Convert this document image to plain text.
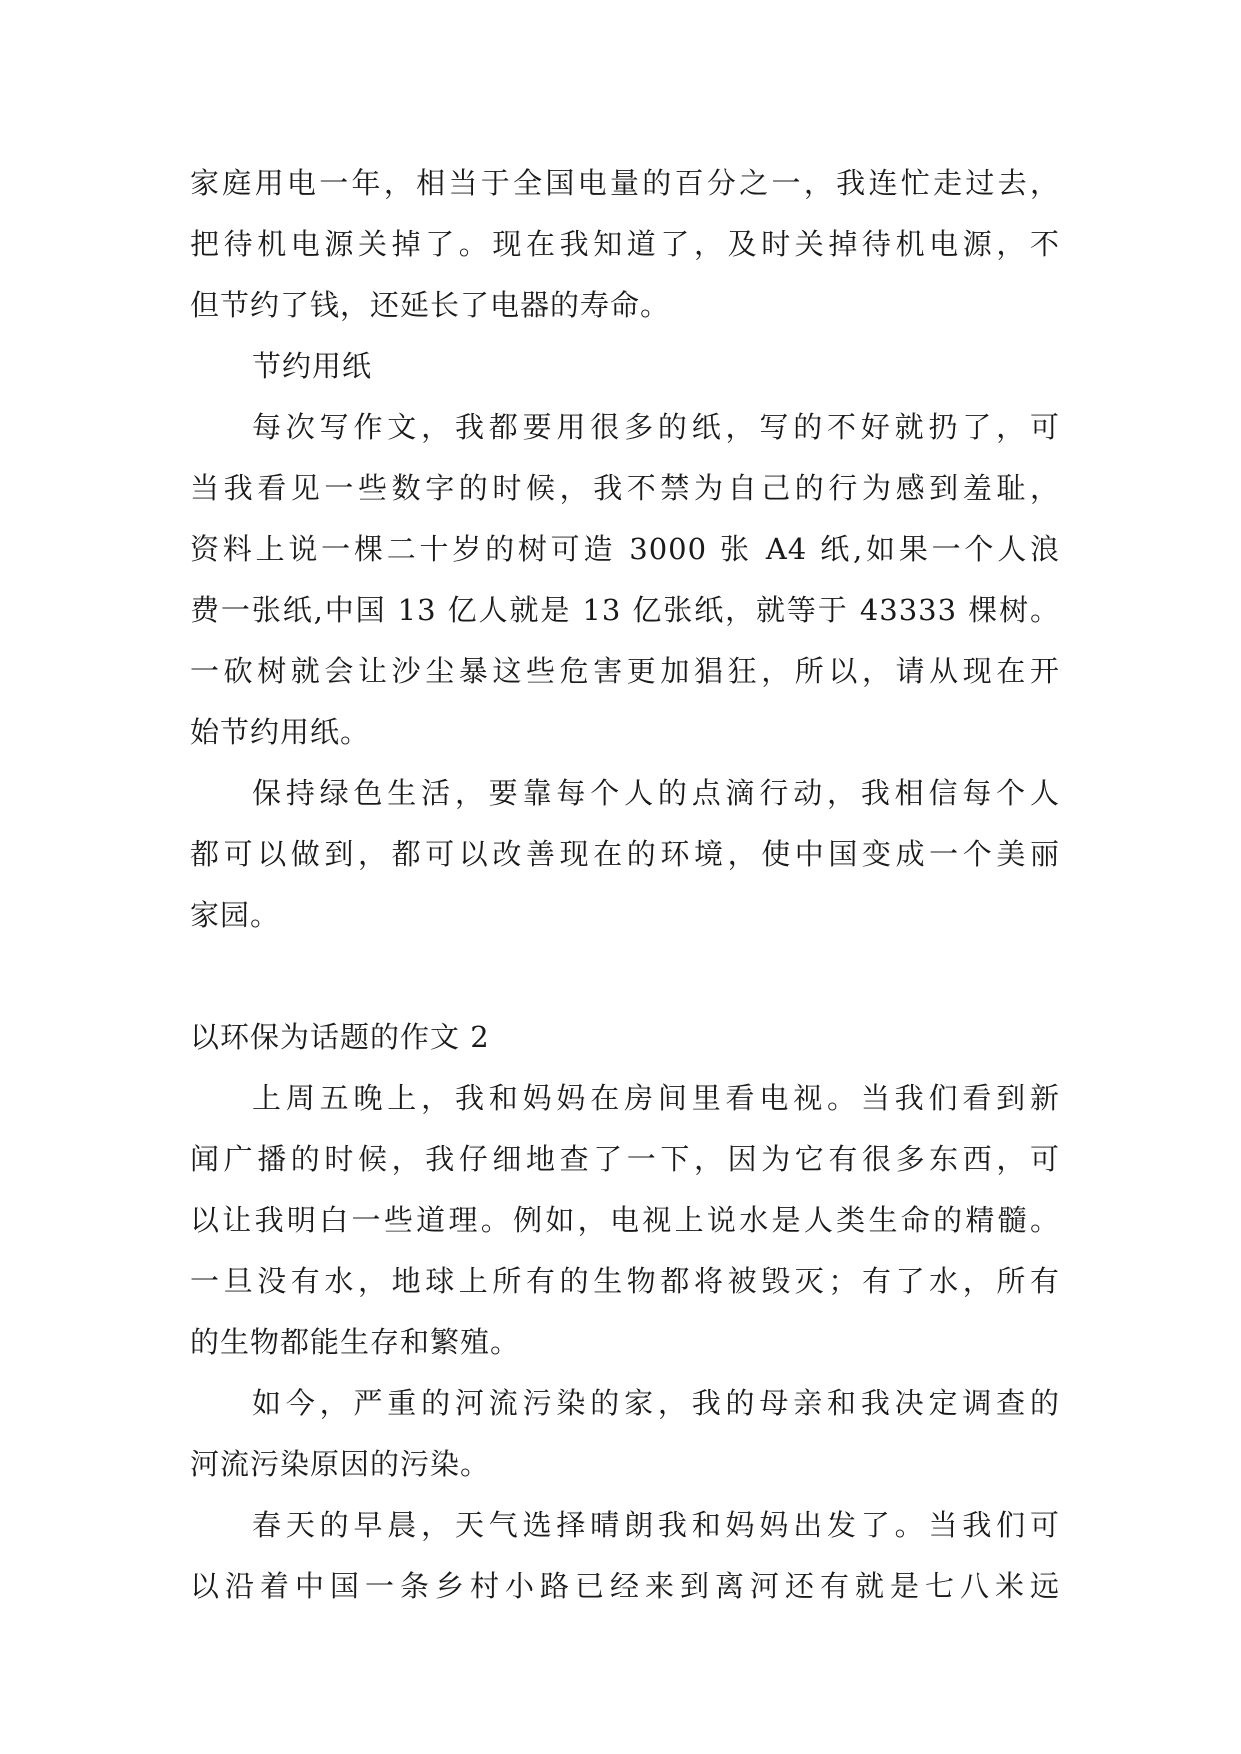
家庭用电一年，相当于全国电量的百分之一，我连忙走过去，
把待机电源关掉了。现在我知道了，及时关掉待机电源，不
但节约了钱，还延长了电器的寿命。
节约用纸
每次写作文，我都要用很多的纸，写的不好就扔了，可
当我看见一些数字的时候，我不禁为自己的行为感到羞耻，
资料上说一棵二十岁的树可造 3000 张 A4 纸,如果一个人浪
费一张纸,中国 13 亿人就是 13 亿张纸，就等于 43333 棵树。
一砍树就会让沙尘暴这些危害更加猖狂，所以，请从现在开
始节约用纸。
保持绿色生活，要靠每个人的点滴行动，我相信每个人
都可以做到，都可以改善现在的环境，使中国变成一个美丽
家园。
以环保为话题的作文 2
上周五晚上，我和妈妈在房间里看电视。当我们看到新
闻广播的时候，我仔细地查了一下，因为它有很多东西，可
以让我明白一些道理。例如，电视上说水是人类生命的精髓。
一旦没有水，地球上所有的生物都将被毁灭；有了水，所有
的生物都能生存和繁殖。
如今，严重的河流污染的家，我的母亲和我决定调查的
河流污染原因的污染。
春天的早晨，天气选择晴朗我和妈妈出发了。当我们可
以沿着中国一条乡村小路已经来到离河还有就是七八米远
